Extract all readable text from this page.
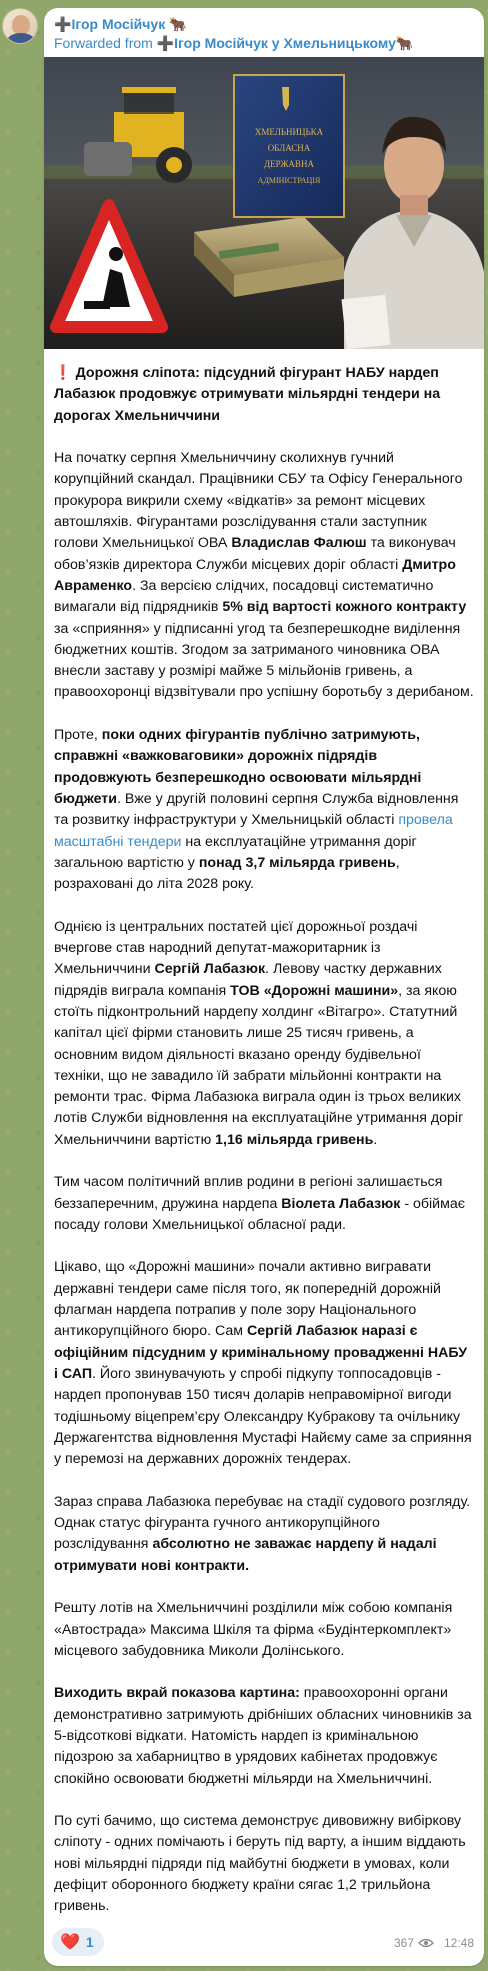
➕Ігор Мосійчук 🐂
Forwarded from ➕Ігор Мосійчук у Хмельницькому🐂
ХМЕЛЬНИЦЬКА
ОБЛАСНА
ДЕРЖАВНА
АДМІНІСТРАЦІЯ

❗ Дорожня сліпота: підсудний фігурант НАБУ нардеп Лабазюк продовжує отримувати мільярдні тендери на дорогах Хмельниччини

На початку серпня Хмельниччину сколихнув гучний корупційний скандал. Працівники СБУ та Офісу Генерального прокурора викрили схему «відкатів» за ремонт місцевих автошляхів. Фігурантами розслідування стали заступник голови Хмельницької ОВА Владислав Фалюш та виконувач обов’язків директора Служби місцевих доріг області Дмитро Авраменко. За версією слідчих, посадовці систематично вимагали від підрядників 5% від вартості кожного контракту за «сприяння» у підписанні угод та безперешкодне виділення бюджетних коштів. Згодом за затриманого чиновника ОВА внесли заставу у розмірі майже 5 мільйонів гривень, а правоохоронці відзвітували про успішну боротьбу з дерибаном.

Проте, поки одних фігурантів публічно затримують, справжні «важковаговики» дорожніх підрядів продовжують безперешкодно освоювати мільярдні бюджети. Вже у другій половині серпня Служба відновлення та розвитку інфраструктури у Хмельницькій області провела масштабні тендери на експлуатаційне утримання доріг загальною вартістю у понад 3,7 мільярда гривень, розраховані до літа 2028 року.

Однією із центральних постатей цієї дорожньої роздачі вчергове став народний депутат-мажоритарник із Хмельниччини Сергій Лабазюк. Левову частку державних підрядів виграла компанія ТОВ «Дорожні машини», за якою стоїть підконтрольний нардепу холдинг «Вітагро». Статутний капітал цієї фірми становить лише 25 тисяч гривень, а основним видом діяльності вказано оренду будівельної техніки, що не завадило їй забрати мільйонні контракти на ремонти трас. Фірма Лабазюка виграла один із трьох великих лотів Служби відновлення на експлуатаційне утримання доріг Хмельниччини вартістю 1,16 мільярда гривень.

Тим часом політичний вплив родини в регіоні залишається беззаперечним, дружина нардепа Віолета Лабазюк - обіймає посаду голови Хмельницької обласної ради.

Цікаво, що «Дорожні машини» почали активно вигравати державні тендери саме після того, як попередній дорожній флагман нардепа потрапив у поле зору Національного антикорупційного бюро. Сам Сергій Лабазюк наразі є офіційним підсудним у кримінальному провадженні НАБУ і САП. Його звинувачують у спробі підкупу топпосадовців - нардеп пропонував 150 тисяч доларів неправомірної вигоди тодішньому віцепрем’єру Олександру Кубракову та очільнику Держагентства відновлення Мустафі Найєму саме за сприяння у перемозі на державних дорожніх тендерах.

Зараз справа Лабазюка перебуває на стадії судового розгляду. Однак статус фігуранта гучного антикорупційного розслідування абсолютно не заважає нардепу й надалі отримувати нові контракти.

Решту лотів на Хмельниччині розділили між собою компанія «Автострада» Максима Шкіля та фірма «Будінтеркомплект» місцевого забудовника Миколи Долінського.

Виходить вкрай показова картина: правоохоронні органи демонстративно затримують дрібніших обласних чиновників за 5-відсоткові відкати. Натомість нардеп із кримінальною підозрою за хабарництво в урядових кабінетах продовжує спокійно освоювати бюджетні мільярди на Хмельниччині.

По суті бачимо, що система демонструє дивовижну вибіркову сліпоту - одних помічають і беруть під варту, а іншим віддають нові мільярдні підряди під майбутні бюджети в умовах, коли дефіцит оборонного бюджету країни сягає 1,2 трильйона гривень.

❤️ 1	367	12:48
